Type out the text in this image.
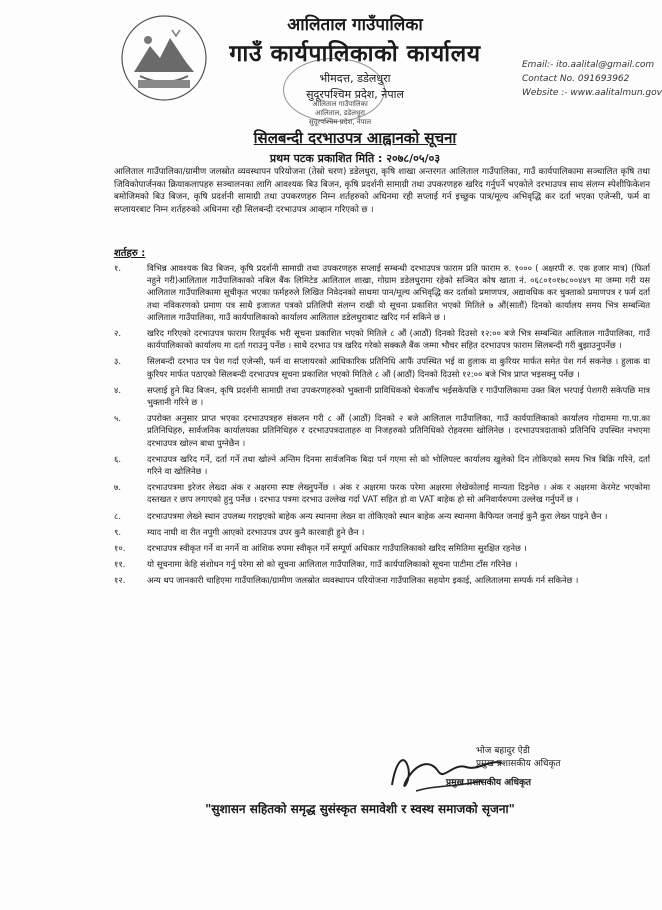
आलिताल गाउँपालिका
गाउँ कार्यपालिकाको कार्यालय
भीमदत्त, डडेलधुरा
सुदूरपश्चिम प्रदेश, नेपाल
आलिताल गाउँपालिका
आलिताल, डडेलधुरा
सुदूरपश्चिम प्रदेश, नेपाल
Email:- ito.aalital@gmail.com
Contact No. 091693962
Website :- www.aalitalmun.gov
सिलबन्दी दरभाउपत्र आह्वानको सूचना
प्रथम पटक प्रकाशित मिति : २०७८/०५/०३
आलिताल गाउँपालिका/ग्रामीण जलस्रोत व्यवस्थापन परियोजना (तेस्रो चरण) डडेलधुरा, कृषि शाखा अन्तरगत आलिताल गाउँपालिका, गाउँ कार्यपालिकामा सञ्चालित कृषि तथा जिविकोपार्जनका क्रियाकलापहरु सञ्चालनका लागि आवश्यक बिउ बिजन, कृषि प्रदर्शनी सामाग्री तथा उपकरणहरु खरिद गर्नुपर्ने भएकोले दरभाउपत्र साथ संलग्न स्पेशीफिकेशन बमोजिमको बिउ बिजन, कृषि प्रदर्शनी सामाग्री तथा उपकरणहरु निम्न शर्तहरुको अधिनमा रही सप्लाई गर्न इच्छुक पात्र/मूल्य अभिवृद्धि कर दर्ता भएका एजेन्सी, फर्म वा सप्लायरबाट निम्न शर्तहरुको अधिनमा रही सिलबन्दी दरभाउपत्र आव्हान गरिएको छ ।
शर्तहरु :
१.	विभिन्न आवश्यक बिउ बिजन, कृषि प्रदर्शनी सामाग्री तथा उपकरणहरु सप्लाई सम्बन्धी दरभाउपत्र फाराम प्रति फाराम रु. १००० ( अक्षरपी रु. एक हजार मात्र) (फिर्ता नहुने गरी)आलिताल गाउँपालिकाको नबिल बैंक लिमिटेड आलिताल शाखा, गोग्राम डडेलधुरामा रहेको सञ्चित कोष खाता नं. ०६८०१०१७८००४४९ मा जम्मा गरी यस आलिताल गाउँपालिकामा सूचीकृत भएका फर्महरुले लिखित निवेदनको साथमा पान/मूल्य अभिवृद्धि कर दर्ताको प्रमाणपत्र, अद्यावधिक कर चुक्ताको प्रमाणपत्र र फर्म दर्ता तथा नविकरणको प्रमाण पत्र साथै इजाजत पत्रको प्रतिलिपी संलग्न राखी यो सूचना प्रकाशित भएको मितिले ७ औं(सातौं) दिनको कार्यालय समय भित्र सम्बन्धित आलिताल गाउँपालिका, गाउँ कार्यपालिकाको कार्यालय आलिताल डडेलधुराबाट खरिद गर्न सकिने छ ।
२.	खरिद गरिएको दरभाउपत्र फाराम रितपूर्वक भरी सूचना प्रकाशित भएको मितिले ८ औं (आठौं) दिनको दिउसो १२:०० बजे भित्र सम्बन्धित आलिताल गाउँपालिका, गाउँ कार्यपालिकाको कार्यालय मा दर्ता गराउनु पर्नेछ । साथै दरभाउ पत्र खरिद गरेको सक्कलै बैंक जम्मा भौचर सहित दरभाउपत्र फाराम सिलबन्दी गरी बुझाउनुपर्नेछ ।
३.	सिलबन्दी दरभाउ पत्र पेश गर्दा एजेन्सी, फर्म वा सप्लायरको आधिकारिक प्रतिनिधि आफैं उपस्थित भई वा हुलाक वा कुरियर मार्फत समेत पेश गर्न सकनेछ । हुलाक वा कुरियर मार्फत पठाएको सिलबन्दी दरभाउपत्र सूचना प्रकाशित भएको मितिले ८ औं (आठौं) दिनको दिउसो १२:०० बजे भित्र प्राप्त भइसक्नु पर्नेछ ।
४.	सप्लाई हुने बिउ बिजन, कृषि प्रदर्शनी सामाग्री तथा उपकरणहरुको भुक्तानी प्राविधिकको चेकजाँच भईसकेपछि र गाउँपालिकामा उक्त बिल भरपाई पेशगरी सकेपछि मात्र भुक्तानी गरिने छ ।
५.	उपरोक्त अनुसार प्राप्त भएका दरभाउपत्रहरु संकलन गरी ८ औं (आठौं) दिनको २ बजे आलिताल गाउँपालिका, गाउँ कार्यपालिकाको कार्यालय गोदाममा गा.पा.का प्रतिनिधिहरु, सार्वजनिक कार्यालयका प्रतिनिधिहरु र दरभाउपत्रदाताहरु वा निजहरुको प्रतिनिधिको रोहवरमा खोलिनेछ । दरभाउपत्रदाताको प्रतिनिधि उपस्थित नभएमा दरभाउपत्र खोल्न बाधा पुग्नेछैन ।
६.	दरभाउपत्र खरिद गर्ने, दर्ता गर्ने तथा खोल्ने अन्तिम दिनमा सार्वजनिक बिदा पर्न गएमा सो को भोलिपल्ट कार्यालय खुलेको दिन तोकिएको समय भित्र बिक्रि गरिने, दर्ता गरिने वा खोलिनेछ ।
७.	दरभाउपत्रमा इरेजर लेख्दा अंक र अक्षरमा स्पष्ट लेख्नुपर्नेछ । अंक र अक्षरमा फरक परेमा अक्षरमा लेखेकोलाई मान्यता दिइनेछ । अंक र अक्षरमा केरमेट भएकोमा दस्तखत र छाप लगाएको हुनु पर्नेछ । दरभाउ पत्रमा दरभाउ उल्लेख गर्दा VAT सहित हो वा VAT बाहेक हो सो अनिवार्यरुपमा उल्लेख गर्नुपर्ने छ ।
८.	दरभाउपत्रमा लेख्ने स्थान उपलब्ध गराइएको बाहेक अन्य स्थानमा लेख्न वा तोकिएको स्थान बाहेक अन्य स्थानमा कैफियत जनाई कुनै कुरा लेख्न पाइने छैन ।
९.	म्याद नाघी वा रीत नपुगी आएको दरभाउपत्र उपर कुनै कारवाही हुने छैन ।
१०.	दरभाउपत्र स्वीकृत गर्ने वा नगर्ने वा आंशिक रुपमा स्वीकृत गर्ने सम्पूर्ण अधिकार गाउँपालिकाको खरिद समितिमा सुरक्षित रहनेछ ।
११.	यो सूचनामा केहि संशोधन गर्नु परेमा सो को सूचना आलिताल गाउँपालिका, गाउँ कार्यपालिकाको सूचना पाटीमा टाँस गरिनेछ ।
१२.	अन्य थप जानकारी चाहिएमा गाउँपालिका/ग्रामीण जलस्रोत व्यवस्थापन परियोजना गाउँपालिका सहयोग इकाई, आलितालमा सम्पर्क गर्न सकिनेछ ।
भोज बहादुर ऐडी
प्रमुख प्रशासकीय अधिकृत
प्रमुख प्रशासकीय अधिकृत
"सुशासन सहितको समृद्ध सुसंस्कृत समावेशी र स्वस्थ समाजको सृजना"
